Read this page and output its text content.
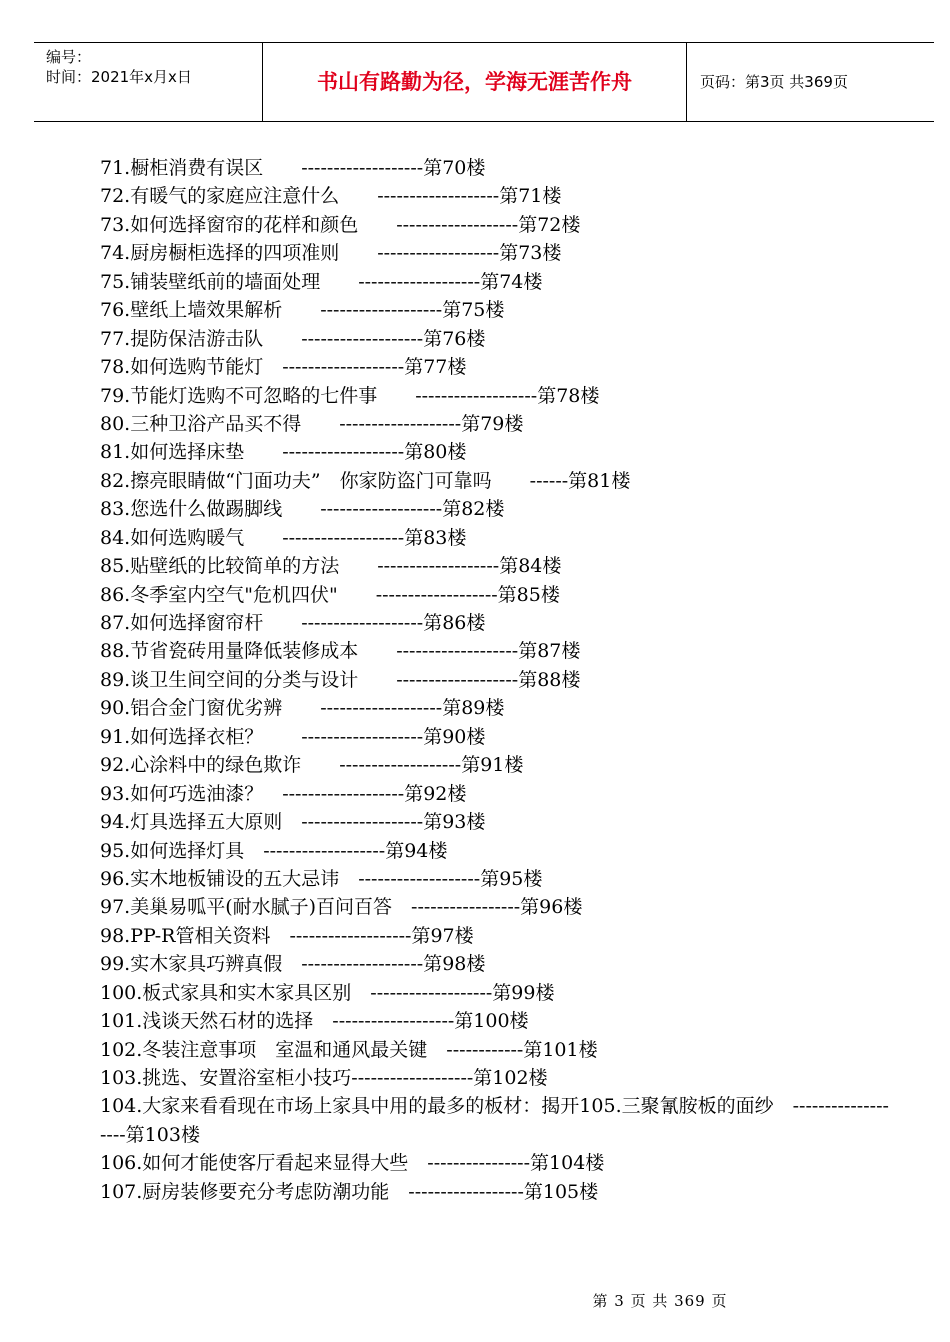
编号：
时间：2021年x月x日	书山有路勤为径，学海无涯苦作舟	页码：第3页 共369页
71.橱柜消费有误区　　-------------------第70楼
72.有暖气的家庭应注意什么　　-------------------第71楼
73.如何选择窗帘的花样和颜色　　-------------------第72楼
74.厨房橱柜选择的四项准则　　-------------------第73楼
75.铺装壁纸前的墙面处理　　-------------------第74楼
76.壁纸上墙效果解析　　-------------------第75楼
77.提防保洁游击队　　-------------------第76楼
78.如何选购节能灯　-------------------第77楼
79.节能灯选购不可忽略的七件事　　-------------------第78楼
80.三种卫浴产品买不得　　-------------------第79楼
81.如何选择床垫　　-------------------第80楼
82.擦亮眼睛做“门面功夫”　你家防盗门可靠吗　　------第81楼
83.您选什么做踢脚线　　-------------------第82楼
84.如何选购暖气　　-------------------第83楼
85.贴壁纸的比较简单的方法　　-------------------第84楼
86.冬季室内空气"危机四伏"　　-------------------第85楼
87.如何选择窗帘杆　　-------------------第86楼
88.节省瓷砖用量降低装修成本　　-------------------第87楼
89.谈卫生间空间的分类与设计　　-------------------第88楼
90.铝合金门窗优劣辨　　-------------------第89楼
91.如何选择衣柜？　　-------------------第90楼
92.心涂料中的绿色欺诈　　-------------------第91楼
93.如何巧选油漆？　-------------------第92楼
94.灯具选择五大原则　-------------------第93楼
95.如何选择灯具　-------------------第94楼
96.实木地板铺设的五大忌讳　-------------------第95楼
97.美巢易呱平(耐水腻子)百问百答　-----------------第96楼
98.PP-R管相关资料　-------------------第97楼
99.实木家具巧辨真假　-------------------第98楼
100.板式家具和实木家具区别　-------------------第99楼
101.浅谈天然石材的选择　-------------------第100楼
102.冬装注意事项　室温和通风最关键　------------第101楼
103.挑选、安置浴室柜小技巧-------------------第102楼
104.大家来看看现在市场上家具中用的最多的板材：揭开105.三聚氰胺板的面纱　-------------------第103楼
106.如何才能使客厅看起来显得大些　----------------第104楼
107.厨房装修要充分考虑防潮功能　------------------第105楼
第 3 页 共 369 页
